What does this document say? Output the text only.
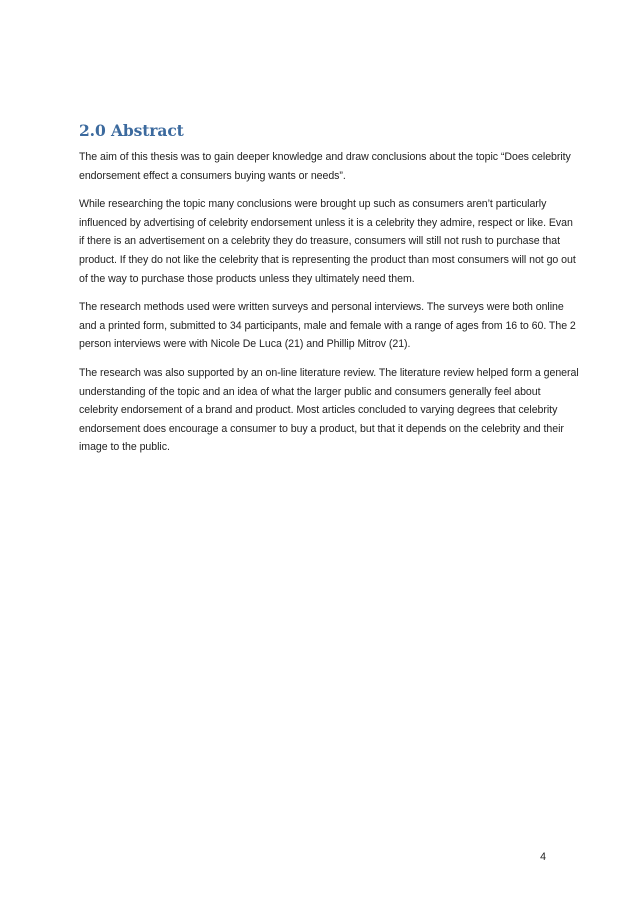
2.0 Abstract

The aim of this thesis was to gain deeper knowledge and draw conclusions about the topic “Does celebrity endorsement effect a consumers buying wants or needs”.

While researching the topic many conclusions were brought up such as consumers aren’t particularly influenced by advertising of celebrity endorsement unless it is a celebrity they admire, respect or like. Evan if there is an advertisement on a celebrity they do treasure, consumers will still not rush to purchase that product. If they do not like the celebrity that is representing the product than most consumers will not go out of the way to purchase those products unless they ultimately need them.

The research methods used were written surveys and personal interviews. The surveys were both online and a printed form, submitted to 34 participants, male and female with a range of ages from 16 to 60. The 2 person interviews were with Nicole De Luca (21) and Phillip Mitrov (21).

The research was also supported by an on-line literature review. The literature review helped form a general understanding of the topic and an idea of what the larger public and consumers generally feel about celebrity endorsement of a brand and product. Most articles concluded to varying degrees that celebrity endorsement does encourage a consumer to buy a product, but that it depends on the celebrity and their image to the public.

4
